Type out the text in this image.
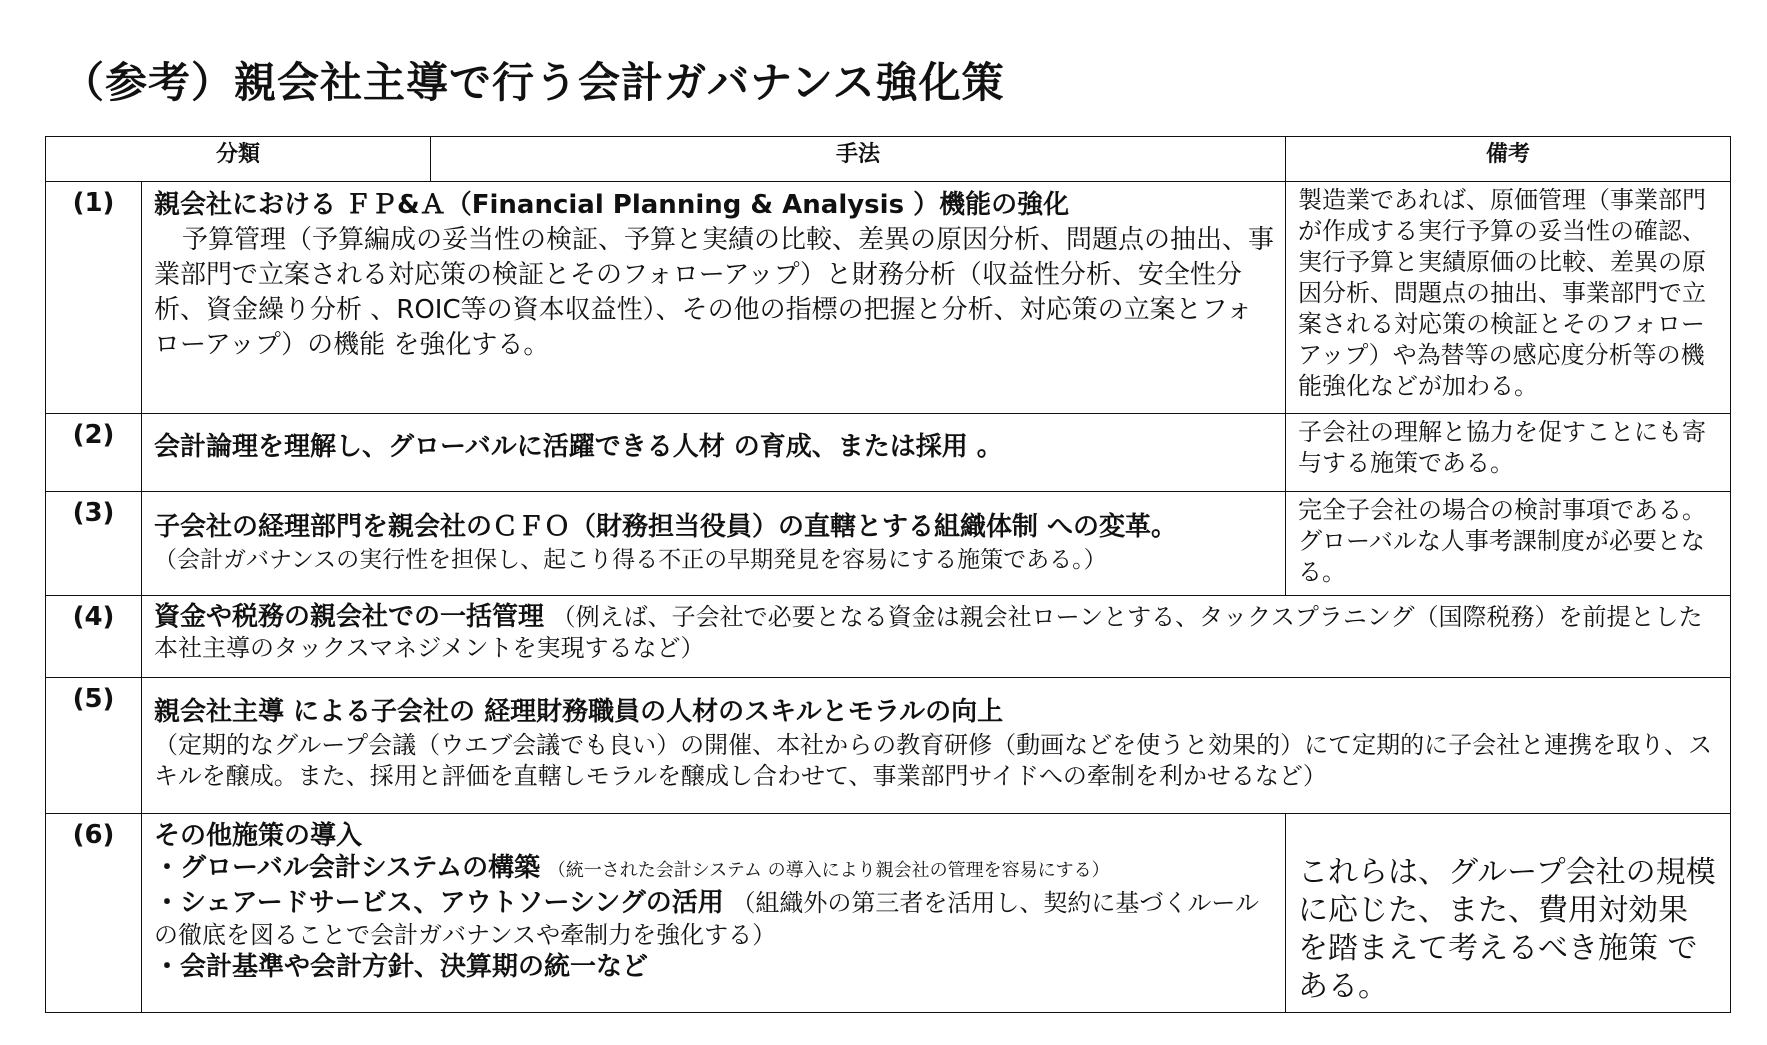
（参考）親会社主導で行う会計ガバナンス強化策
分類		手法	備考
(1)	親会社における ＦＰ&Ａ（Financial Planning & Analysis ）機能の強化
予算管理（予算編成の妥当性の検証、予算と実績の比較、差異の原因分析、問題点の抽出、事業部門で立案される対応策の検証とそのフォローアップ）と財務分析（収益性分析、安全性分析、資金繰り分析 、ROIC等の資本収益性）、その他の指標の把握と分析、対応策の立案とフォローアップ）の機能 を強化する。		製造業であれば、原価管理（事業部門が作成する実行予算の妥当性の確認、実行予算と実績原価の比較、差異の原因分析、問題点の抽出、事業部門で立案される対応策の検証とそのフォローアップ）や為替等の感応度分析等の機能強化などが加わる。
(2)	会計論理を理解し、グローバルに活躍できる人材 の育成、または採用 。		子会社の理解と協力を促すことにも寄与する施策である。
(3)	子会社の経理部門を親会社のＣＦＯ（財務担当役員）の直轄とする組織体制 への変革。
（会計ガバナンスの実行性を担保し、起こり得る不正の早期発見を容易にする施策である。）		完全子会社の場合の検討事項である。グローバルな人事考課制度が必要となる。
(4)	資金や税務の親会社での一括管理 （例えば、子会社で必要となる資金は親会社ローンとする、タックスプラニング（国際税務）を前提とした本社主導のタックスマネジメントを実現するなど）		
(5)	親会社主導 による子会社の 経理財務職員の人材のスキルとモラルの向上
（定期的なグループ会議（ウエブ会議でも良い）の開催、本社からの教育研修（動画などを使うと効果的）にて定期的に子会社と連携を取り、スキルを醸成。また、採用と評価を直轄しモラルを醸成し合わせて、事業部門サイドへの牽制を利かせるなど）		

(6)	その他施策の導入
・グローバル会計システムの構築 （統一された会計システム の導入により親会社の管理を容易にする）
・シェアードサービス、アウトソーシングの活用 （組織外の第三者を活用し、契約に基づくルールの徹底を図ることで会計ガバナンスや牽制力を強化する）
・会計基準や会計方針、決算期の統一など		これらは、グループ会社の規模に応じた、また、費用対効果 を踏まえて考えるべき施策 である。
